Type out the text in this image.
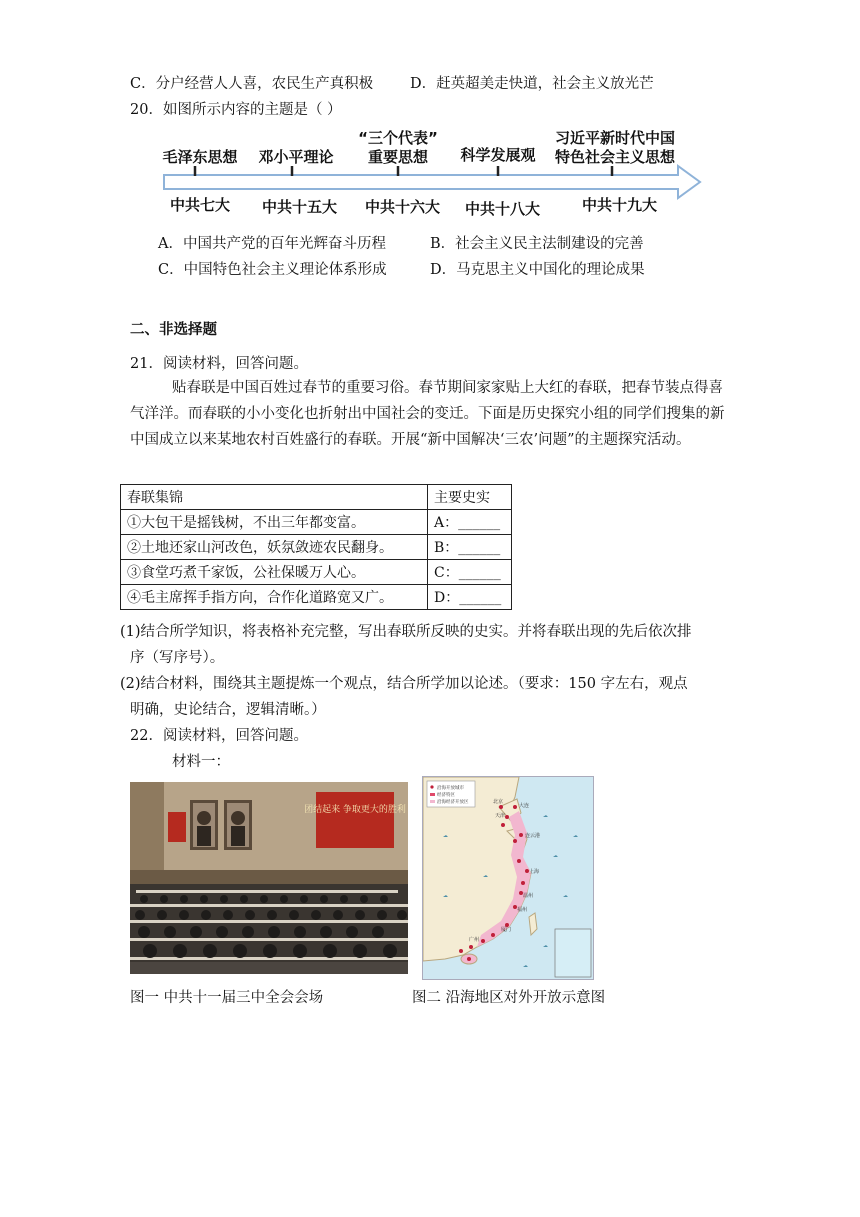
C．分户经营人人喜，农民生产真积极	D．赶英超美走快道，社会主义放光芒
20．如图所示内容的主题是（ ）
毛泽东思想	邓小平理论
“三个代表”
重要思想	科学发展观
习近平新时代中国
特色社会主义思想
中共七大 中共十五大 中共十六大 中共十八大	中共十九大
A．中国共产党的百年光辉奋斗历程	B．社会主义民主法制建设的完善
C．中国特色社会主义理论体系形成	D．马克思主义中国化的理论成果
二、非选择题
21．阅读材料，回答问题。
贴春联是中国百姓过春节的重要习俗。春节期间家家贴上大红的春联，把春节装点得喜气洋洋。而春联的小小变化也折射出中国社会的变迁。下面是历史探究小组的同学们搜集的新中国成立以来某地农村百姓盛行的春联。开展“新中国解决‘三农’问题”的主题探究活动。
春联集锦	主要史实
①大包干是摇钱树，不出三年都变富。	A：______
②土地还家山河改色，妖氛敛迹农民翻身。	B：______
③食堂巧煮千家饭，公社保暖万人心。	C：______
④毛主席挥手指方向，合作化道路宽又广。	D：______
(1)结合所学知识，将表格补充完整，写出春联所反映的史实。并将春联出现的先后依次排
序（写序号）。
(2)结合材料，围绕其主题提炼一个观点，结合所学加以论述。（要求：150 字左右，观点
明确，史论结合，逻辑清晰。）
22．阅读材料，回答问题。
材料一：
团结起来 争取更大的胜利
北京
天津
大连
连云港
上海
温州
福州
厦门
广州
沿海开放城市
经济特区
沿海经济开放区
图一 中共十一届三中全会会场	图二 沿海地区对外开放示意图
